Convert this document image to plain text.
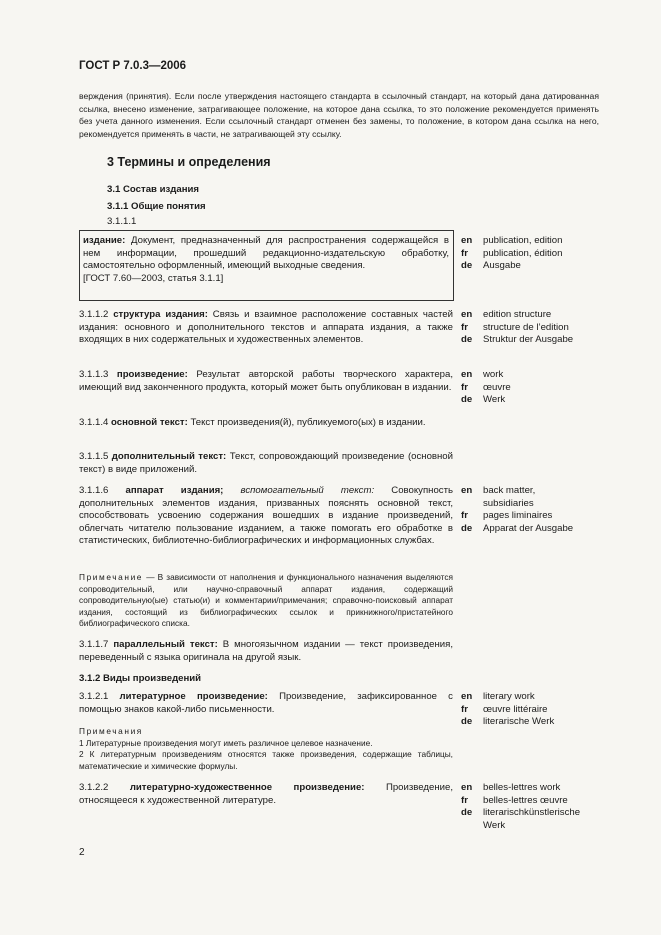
ГОСТ Р 7.0.3—2006
верждения (принятия). Если после утверждения настоящего стандарта в ссылочный стандарт, на который дана датированная ссылка, внесено изменение, затрагивающее положение, на которое дана ссылка, то это положение рекомендуется применять без учета данного изменения. Если ссылочный стандарт отменен без замены, то положение, в котором дана ссылка на него, рекомендуется применять в части, не затрагивающей эту ссылку.
3 Термины и определения
3.1 Состав издания
3.1.1 Общие понятия
3.1.1.1
издание: Документ, предназначенный для распространения содержащейся в нем информации, прошедший редакционно-издательскую обработку, самостоятельно оформленный, имеющий выходные сведения.
[ГОСТ 7.60—2003, статья 3.1.1]
en publication, edition
fr publication, édition
de Ausgabe
3.1.1.2 структура издания: Связь и взаимное расположение составных частей издания: основного и дополнительного текстов и аппарата издания, а также входящих в них содержательных и художественных элементов.
en edition structure
fr structure de l’edition
de Struktur der Ausgabe
3.1.1.3 произведение: Результат авторской работы творческого характера, имеющий вид законченного продукта, который может быть опубликован в издании.
en work
fr œuvre
de Werk
3.1.1.4 основной текст: Текст произведения(й), публикуемого(ых) в издании.
3.1.1.5 дополнительный текст: Текст, сопровождающий произведение (основной текст) в виде приложений.
3.1.1.6 аппарат издания; вспомогательный текст: Совокупность дополнительных элементов издания, призванных пояснять основной текст, способствовать усвоению содержания вошедших в издание произведений, облегчать читателю пользование изданием, а также помогать его обработке в статистических, библиотечно-библиографических и информационных службах.
en back matter, subsidiaries
fr pages liminaires
de Apparat der Ausgabe
Примечание — В зависимости от наполнения и функционального назначения выделяются сопроводительный, или научно-справочный аппарат издания, содержащий сопроводительную(ые) статью(и) и комментарии/примечания; справочно-поисковый аппарат издания, состоящий из библиографических ссылок и прикнижного/пристатейного библиографического списка.
3.1.1.7 параллельный текст: В многоязычном издании — текст произведения, переведенный с языка оригинала на другой язык.
3.1.2 Виды произведений
3.1.2.1 литературное произведение: Произведение, зафиксированное с помощью знаков какой-либо письменности.
en literary work
fr œuvre littéraire
de literarische Werk
Примечания
1 Литературные произведения могут иметь различное целевое назначение.
2 К литературным произведениям относятся также произведения, содержащие таблицы, математические и химические формулы.
3.1.2.2 литературно-художественное произведение: Произведение, относящееся к художественной литературе.
en belles-lettres work
fr belles-lettres œuvre
de literarischkünstlerische Werk
2
